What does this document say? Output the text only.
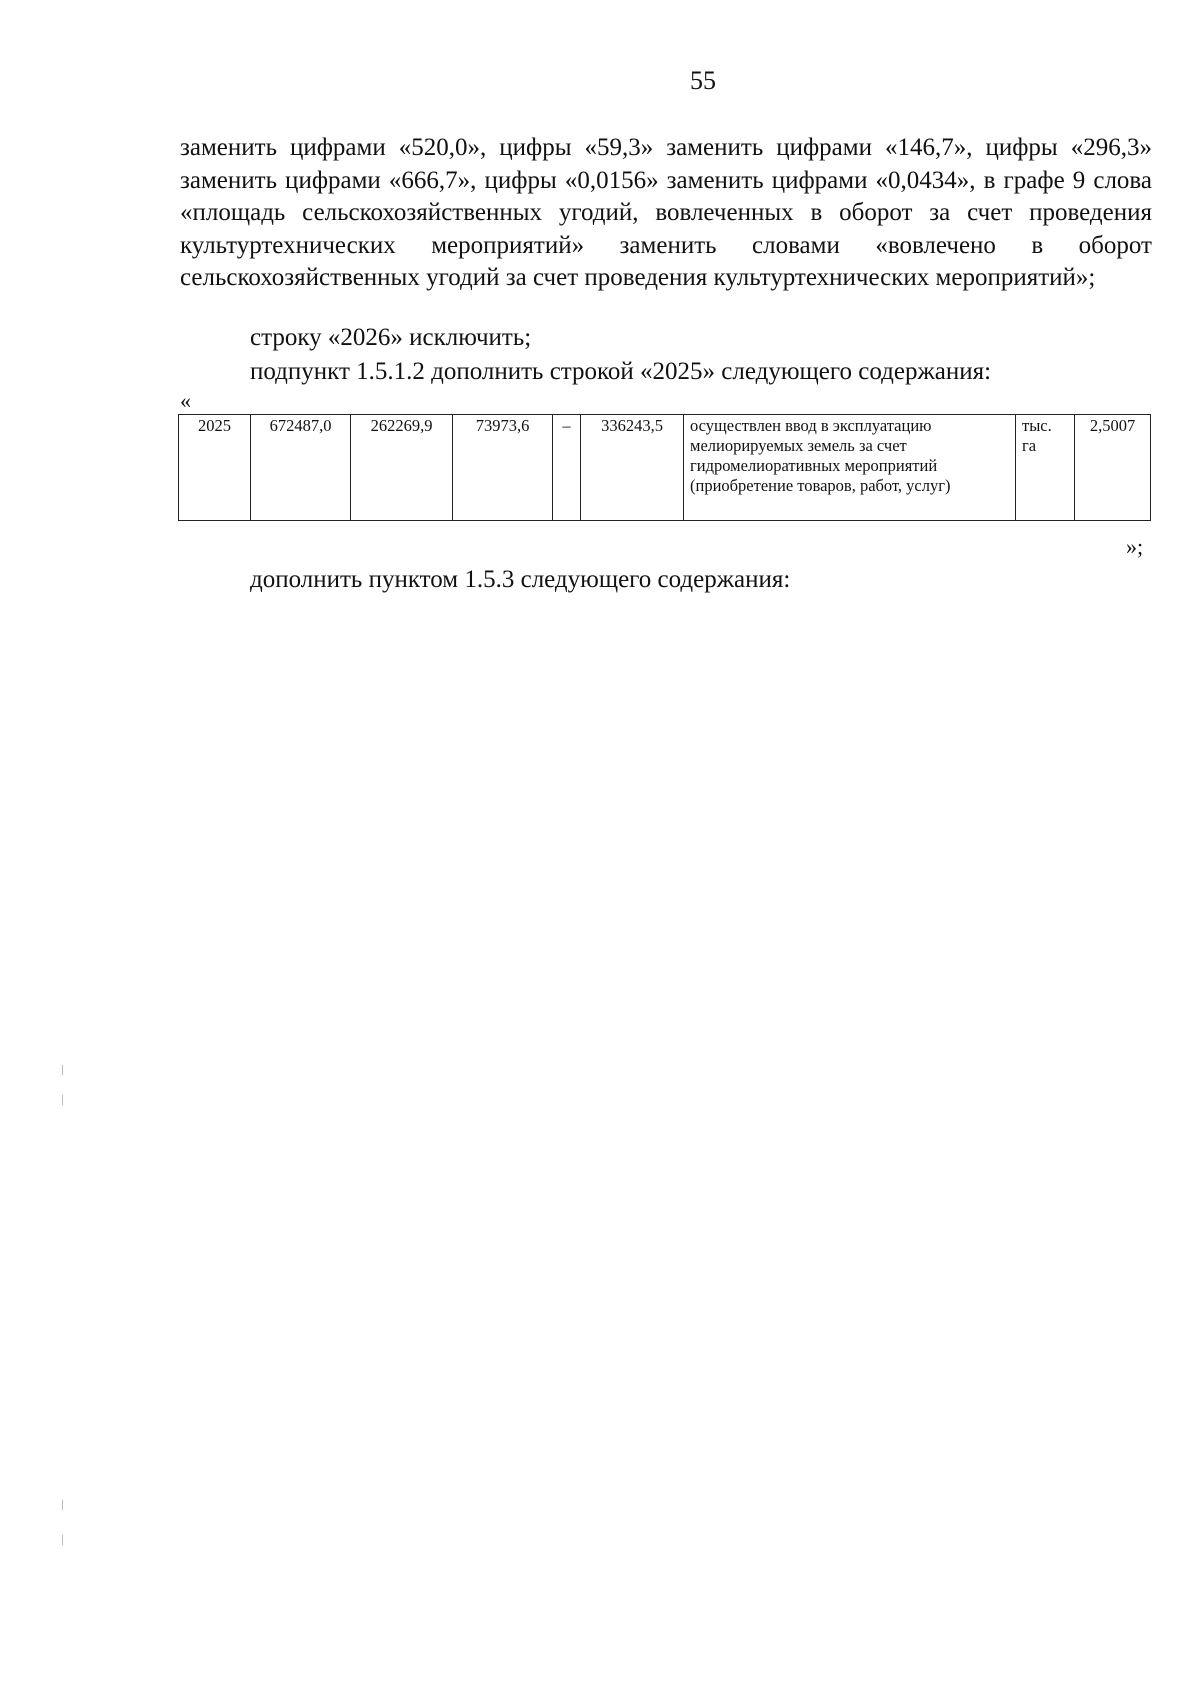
55
заменить цифрами «520,0», цифры «59,3» заменить цифрами «146,7», цифры «296,3» заменить цифрами «666,7», цифры «0,0156» заменить цифрами «0,0434», в графе 9 слова «площадь сельскохозяйственных угодий, вовлеченных в оборот за счет проведения культуртехнических мероприятий» заменить словами «вовлечено в оборот сельскохозяйственных угодий за счет проведения культуртехнических мероприятий»;
строку «2026» исключить;
подпункт 1.5.1.2 дополнить строкой «2025» следующего содержания:
«
2025	672487,0	262269,9	73973,6	–	336243,5	осуществлен ввод в эксплуатацию мелиорируемых земель за счет гидромелиоративных мероприятий (приобретение товаров, работ, услуг)	тыс. га	2,5007
»;
дополнить пунктом 1.5.3 следующего содержания:
